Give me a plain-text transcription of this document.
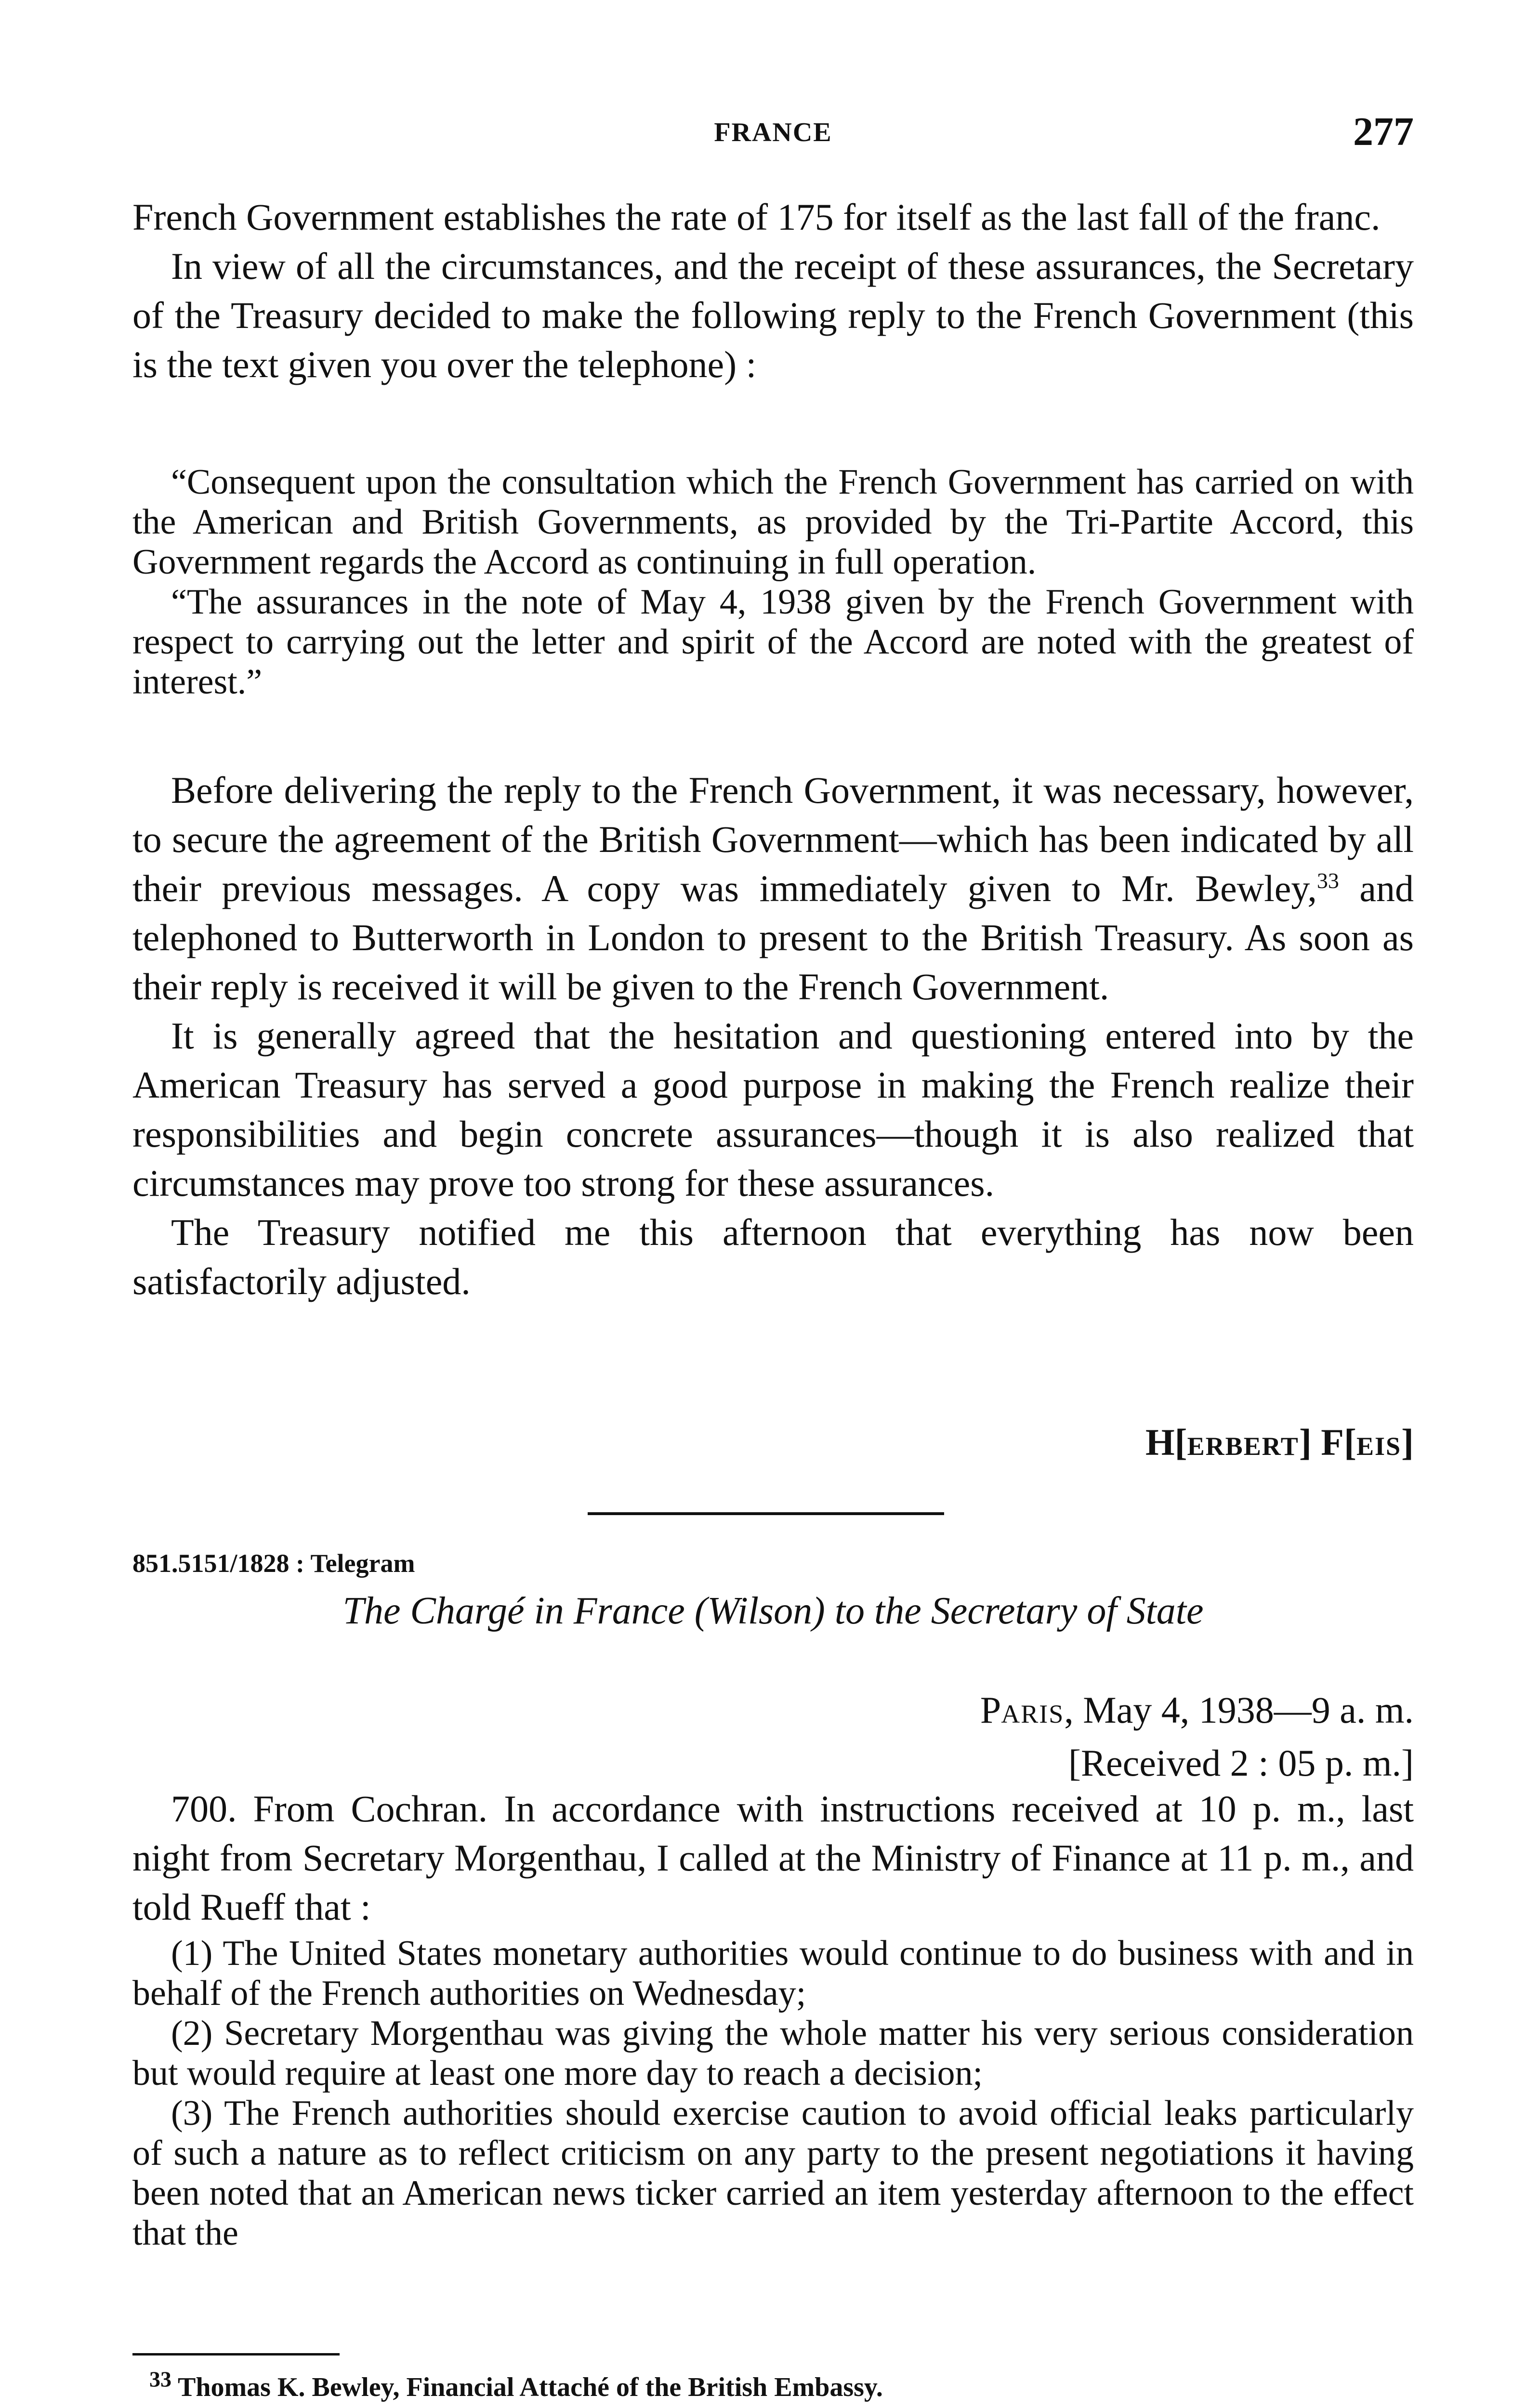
FRANCE	277

French Government establishes the rate of 175 for itself as the last fall of the franc.

In view of all the circumstances, and the receipt of these assurances, the Secretary of the Treasury decided to make the following reply to the French Government (this is the text given you over the telephone) :

“Consequent upon the consultation which the French Government has carried on with the American and British Governments, as provided by the Tri-Partite Accord, this Government regards the Accord as continuing in full operation.

“The assurances in the note of May 4, 1938 given by the French Government with respect to carrying out the letter and spirit of the Accord are noted with the greatest of interest.”

Before delivering the reply to the French Government, it was necessary, however, to secure the agreement of the British Government—which has been indicated by all their previous messages. A copy was immediately given to Mr. Bewley,$^{33}$ and telephoned to Butterworth in London to present to the British Treasury. As soon as their reply is received it will be given to the French Government.

It is generally agreed that the hesitation and questioning entered into by the American Treasury has served a good purpose in making the French realize their responsibilities and begin concrete assurances—though it is also realized that circumstances may prove too strong for these assurances.

The Treasury notified me this afternoon that everything has now been satisfactorily adjusted.

H[ERBERT] F[EIS]
851.5151/1828 : Telegram
The Chargé in France (Wilson) to the Secretary of State
PARIS, May 4, 1938—9 a. m.
[Received 2 : 05 p. m.]

700. From Cochran. In accordance with instructions received at 10 p. m., last night from Secretary Morgenthau, I called at the Ministry of Finance at 11 p. m., and told Rueff that :

(1) The United States monetary authorities would continue to do business with and in behalf of the French authorities on Wednesday;

(2) Secretary Morgenthau was giving the whole matter his very serious consideration but would require at least one more day to reach a decision;

(3) The French authorities should exercise caution to avoid official leaks particularly of such a nature as to reflect criticism on any party to the present negotiations it having been noted that an American news ticker carried an item yesterday afternoon to the effect that the

$^{33}$ Thomas K. Bewley, Financial Attaché of the British Embassy.
